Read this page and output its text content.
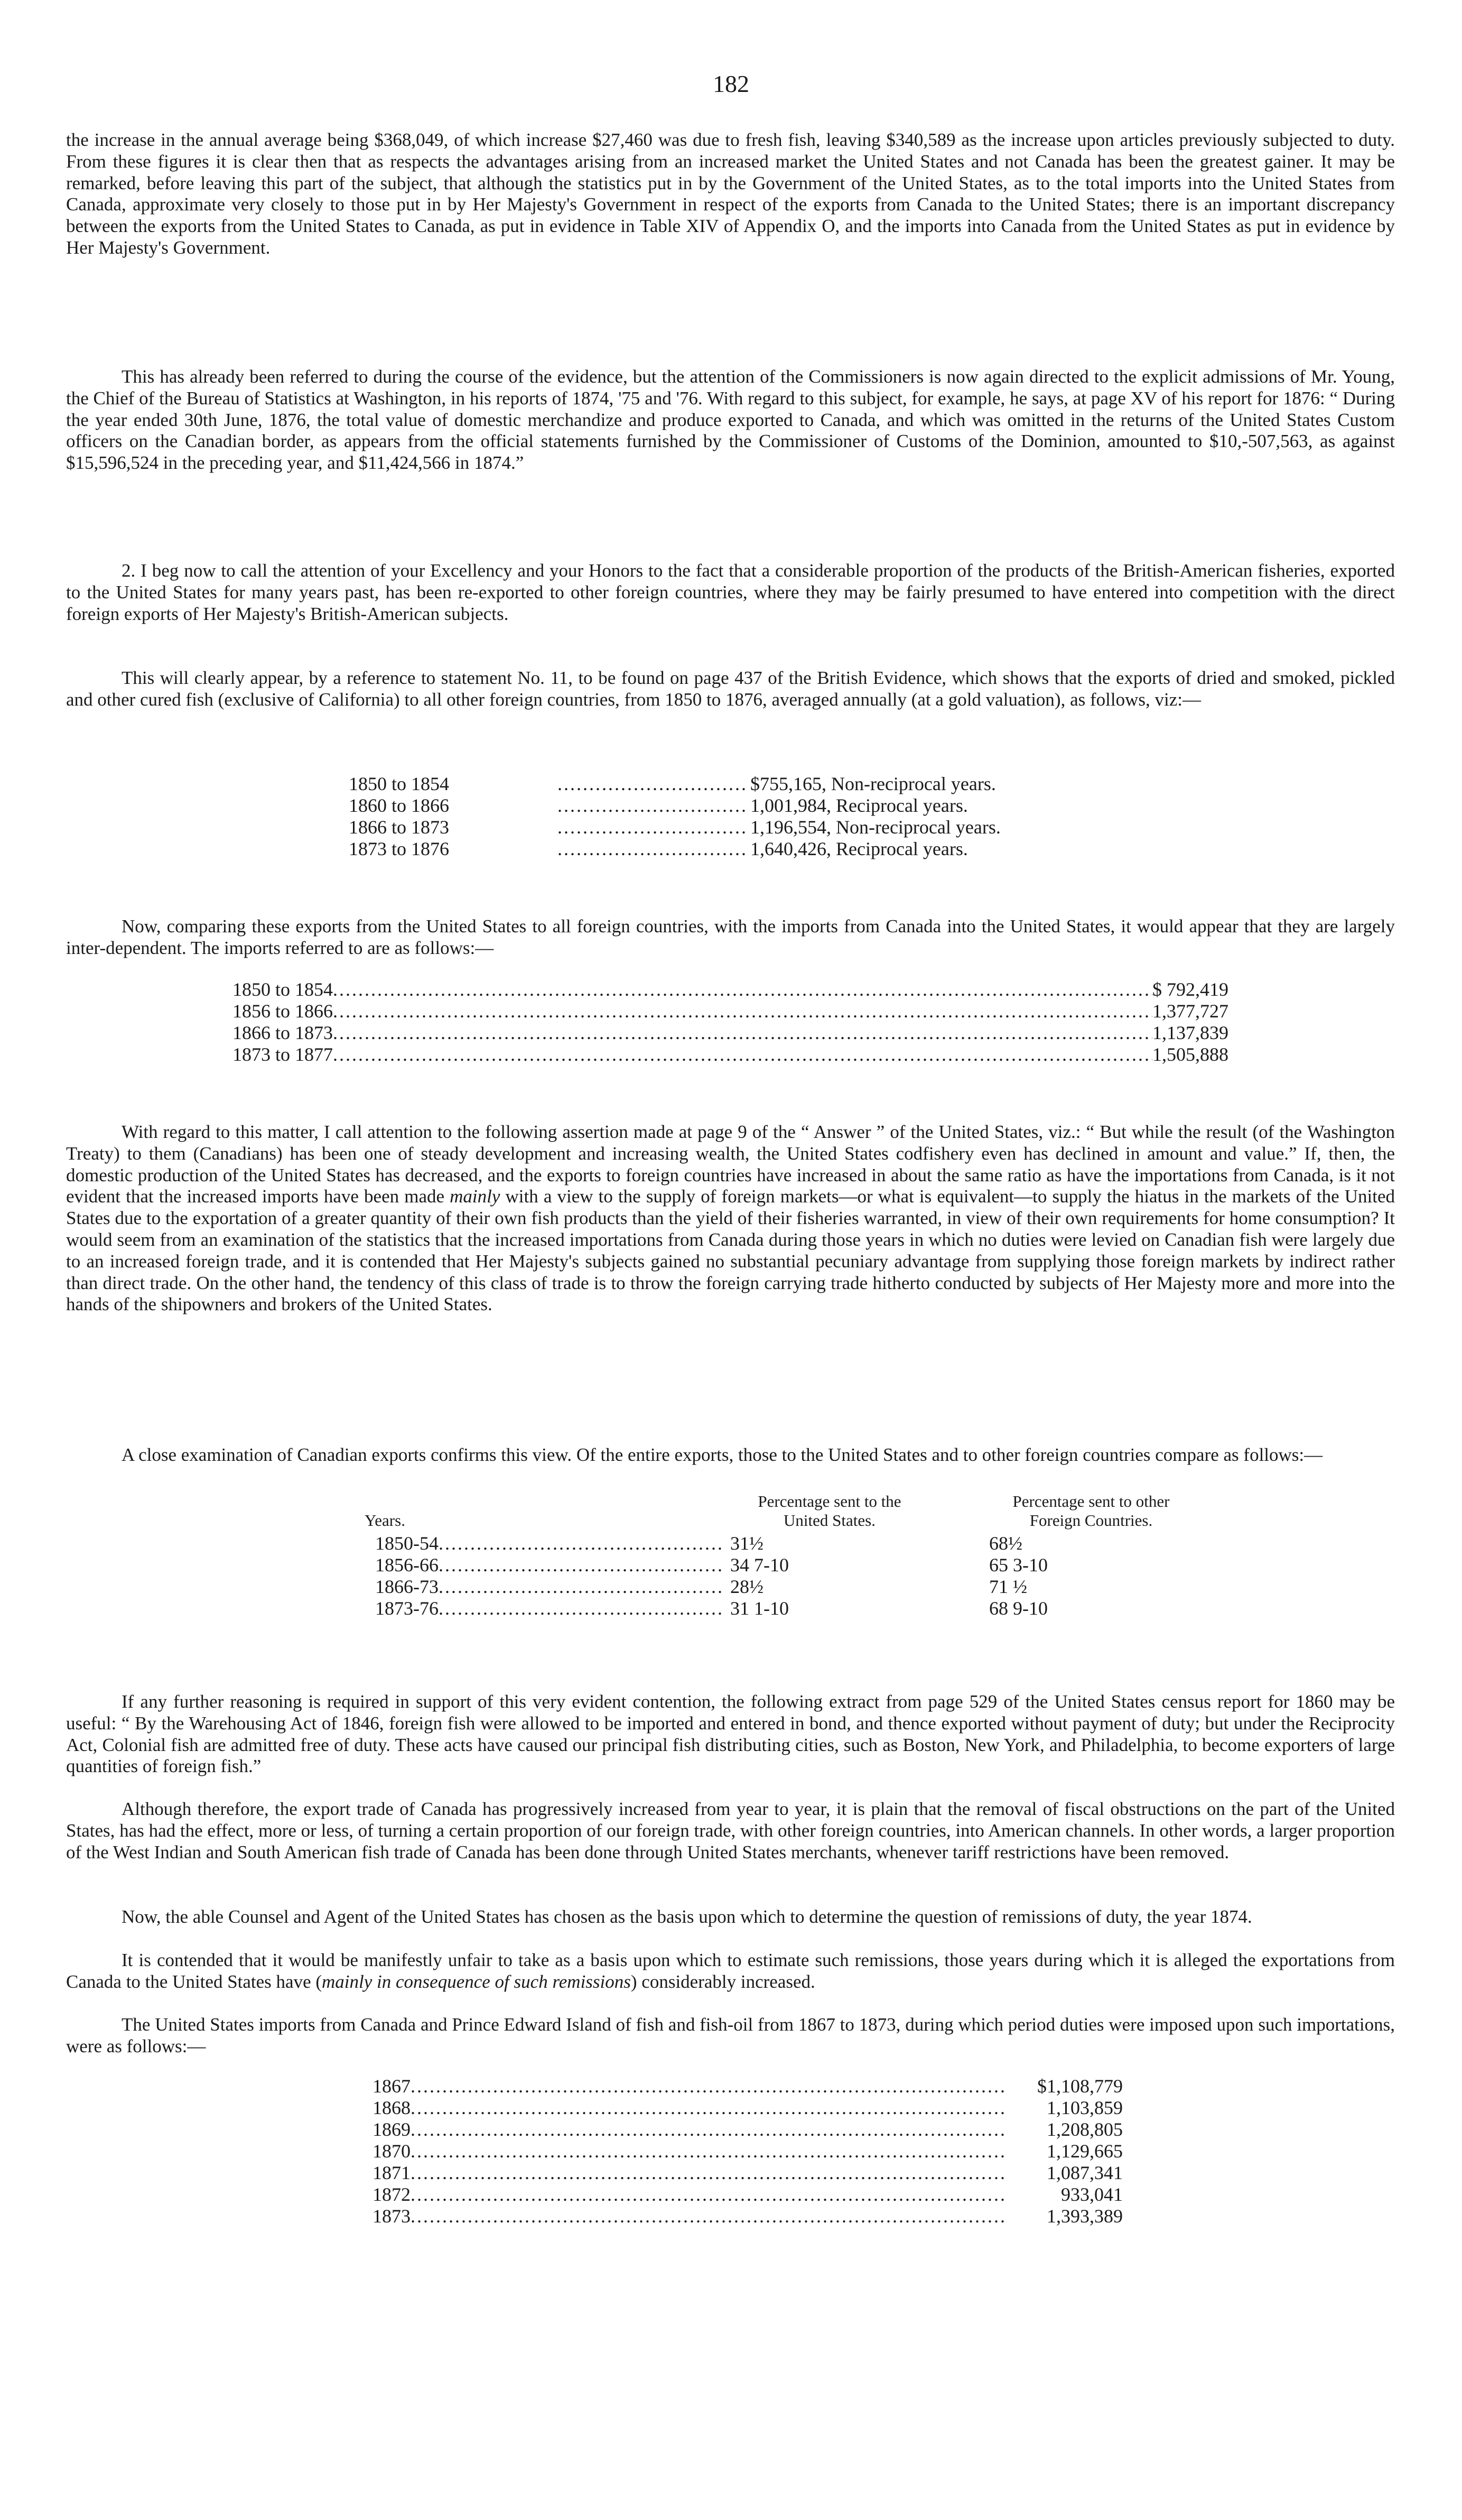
182

the increase in the annual average being $368,049, of which increase $27,460 was due to fresh fish, leaving $340,589 as the increase upon articles previously subjected to duty. From these figures it is clear then that as respects the advantages arising from an increased market the United States and not Canada has been the greatest gainer. It may be remarked, before leaving this part of the subject, that although the statistics put in by the Government of the United States, as to the total imports into the United States from Canada, approximate very closely to those put in by Her Majesty's Government in respect of the exports from Canada to the United States; there is an important discrepancy between the exports from the United States to Canada, as put in evidence in Table XIV of Appendix O, and the imports into Canada from the United States as put in evidence by Her Majesty's Government.

This has already been referred to during the course of the evidence, but the attention of the Commissioners is now again directed to the explicit admissions of Mr. Young, the Chief of the Bureau of Statistics at Washington, in his reports of 1874, '75 and '76. With regard to this subject, for example, he says, at page XV of his report for 1876: “ During the year ended 30th June, 1876, the total value of domestic merchandize and produce exported to Canada, and which was omitted in the returns of the United States Custom officers on the Canadian border, as appears from the official statements furnished by the Commissioner of Customs of the Dominion, amounted to $10,-507,563, as against $15,596,524 in the preceding year, and $11,424,566 in 1874.”

2. I beg now to call the attention of your Excellency and your Honors to the fact that a considerable proportion of the products of the British-American fisheries, exported to the United States for many years past, has been re-exported to other foreign countries, where they may be fairly presumed to have entered into competition with the direct foreign exports of Her Majesty's British-American subjects.

This will clearly appear, by a reference to statement No. 11, to be found on page 437 of the British Evidence, which shows that the exports of dried and smoked, pickled and other cured fish (exclusive of California) to all other foreign countries, from 1850 to 1876, averaged annually (at a gold valuation), as follows, viz:—

1850 to 1854 .....	$755,165, Non-reciprocal years.
1860 to 1866 .....	1,001,984, Reciprocal years.
1866 to 1873 .....	1,196,554, Non-reciprocal years.
1873 to 1876 .....	1,640,426, Reciprocal years.

Now, comparing these exports from the United States to all foreign countries, with the imports from Canada into the United States, it would appear that they are largely inter-dependent. The imports referred to are as follows:—

1850 to 1854 .....	$ 792,419
1856 to 1866 .....	1,377,727
1866 to 1873 .....	1,137,839
1873 to 1877 .....	1,505,888

With regard to this matter, I call attention to the following assertion made at page 9 of the “ Answer ” of the United States, viz.: “ But while the result (of the Washington Treaty) to them (Canadians) has been one of steady development and increasing wealth, the United States codfishery even has declined in amount and value.” If, then, the domestic production of the United States has decreased, and the exports to foreign countries have increased in about the same ratio as have the importations from Canada, is it not evident that the increased imports have been made mainly with a view to the supply of foreign markets—or what is equivalent—to supply the hiatus in the markets of the United States due to the exportation of a greater quantity of their own fish products than the yield of their fisheries warranted, in view of their own requirements for home consumption? It would seem from an examination of the statistics that the increased importations from Canada during those years in which no duties were levied on Canadian fish were largely due to an increased foreign trade, and it is contended that Her Majesty's subjects gained no substantial pecuniary advantage from supplying those foreign markets by indirect rather than direct trade. On the other hand, the tendency of this class of trade is to throw the foreign carrying trade hitherto conducted by subjects of Her Majesty more and more into the hands of the shipowners and brokers of the United States.

A close examination of Canadian exports confirms this view. Of the entire exports, those to the United States and to other foreign countries compare as follows:—

Years.
Percentage sent to the
United States.
Percentage sent to other
Foreign Countries.
1850-54 .....	31½	68½
1856-66 .....	34 7-10	65 3-10
1866-73 .....	28½	71 ½
1873-76 .....	31 1-10	68 9-10

If any further reasoning is required in support of this very evident contention, the following extract from page 529 of the United States census report for 1860 may be useful: “ By the Warehousing Act of 1846, foreign fish were allowed to be imported and entered in bond, and thence exported without payment of duty; but under the Reciprocity Act, Colonial fish are admitted free of duty. These acts have caused our principal fish distributing cities, such as Boston, New York, and Philadelphia, to become exporters of large quantities of foreign fish.”

Although therefore, the export trade of Canada has progressively increased from year to year, it is plain that the removal of fiscal obstructions on the part of the United States, has had the effect, more or less, of turning a certain proportion of our foreign trade, with other foreign countries, into American channels. In other words, a larger proportion of the West Indian and South American fish trade of Canada has been done through United States merchants, whenever tariff restrictions have been removed.

Now, the able Counsel and Agent of the United States has chosen as the basis upon which to determine the question of remissions of duty, the year 1874.

It is contended that it would be manifestly unfair to take as a basis upon which to estimate such remissions, those years during which it is alleged the exportations from Canada to the United States have (mainly in consequence of such remissions) considerably increased.

The United States imports from Canada and Prince Edward Island of fish and fish-oil from 1867 to 1873, during which period duties were imposed upon such importations, were as follows:—

1867 .....	$1,108,779
1868 .....	1,103,859
1869 .....	1,208,805
1870 .....	1,129,665
1871 .....	1,087,341
1872 .....	933,041
1873 .....	1,393,389
